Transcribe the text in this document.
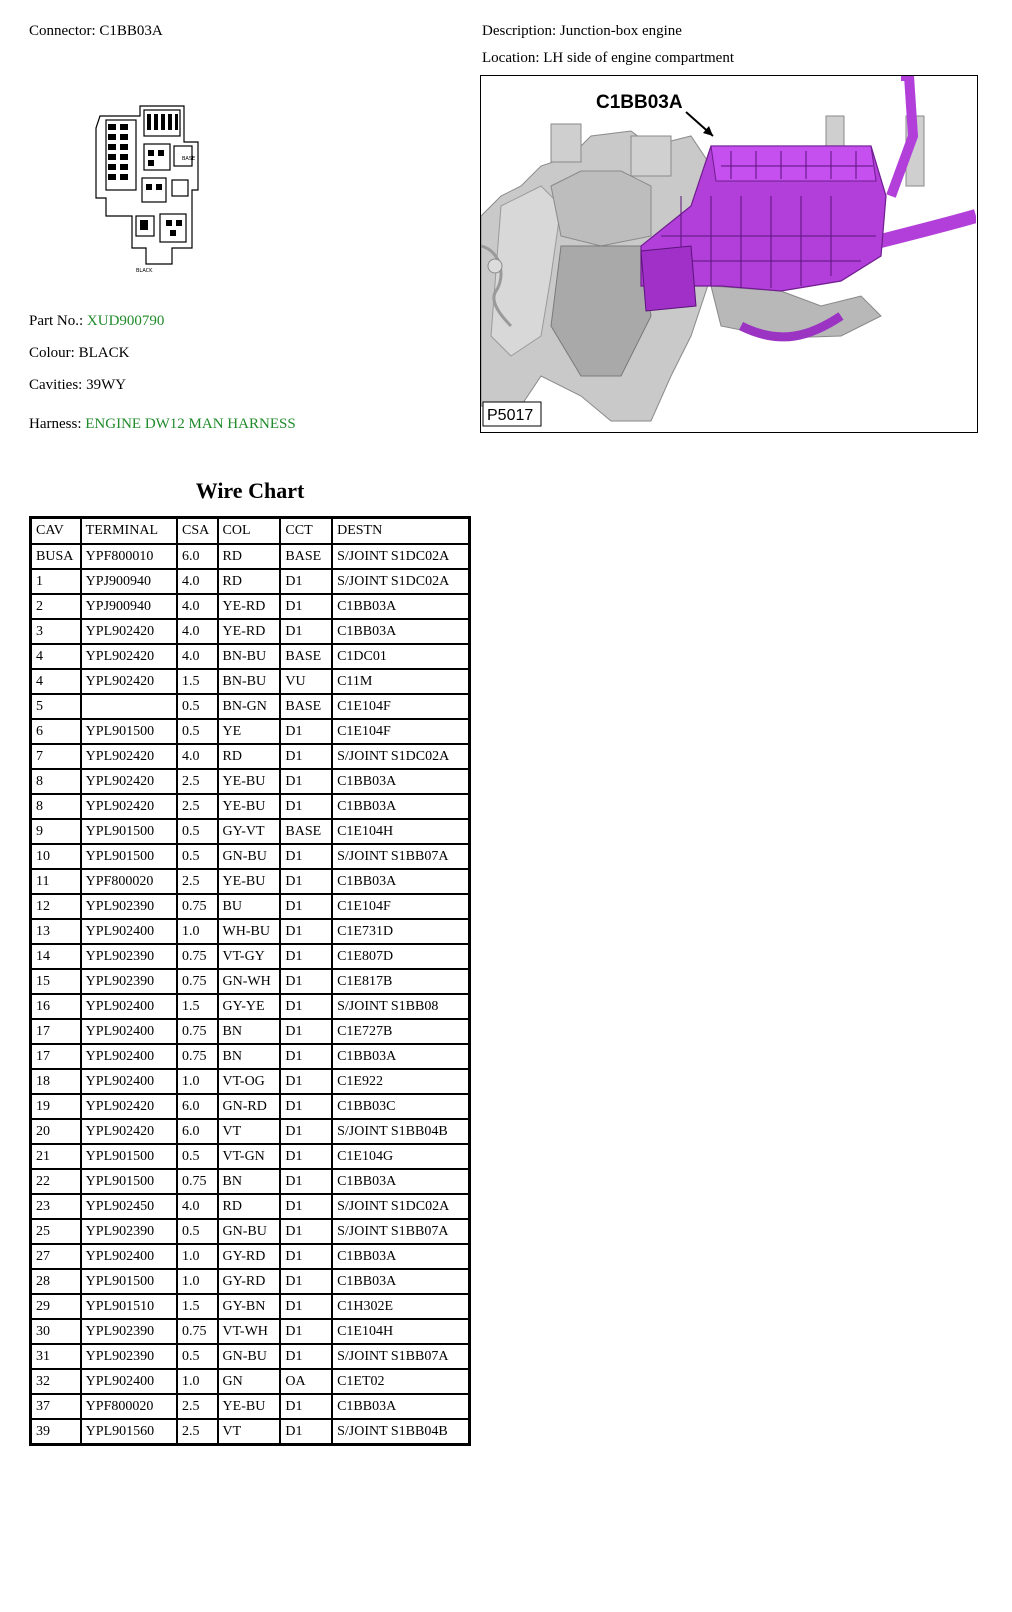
Connector: C1BB03A	Description: Junction-box engine
Location: LH side of engine compartment
BASE
BLACK
Part No.: XUD900790
Colour: BLACK
Cavities: 39WY
Harness: ENGINE DW12 MAN HARNESS
C1BB03A
P5017
Wire Chart
CAV	TERMINAL	CSA	COL	CCT	DESTN
BUSA	YPF800010	6.0	RD	BASE	S/JOINT S1DC02A
1	YPJ900940	4.0	RD	D1	S/JOINT S1DC02A
2	YPJ900940	4.0	YE-RD	D1	C1BB03A
3	YPL902420	4.0	YE-RD	D1	C1BB03A
4	YPL902420	4.0	BN-BU	BASE	C1DC01
4	YPL902420	1.5	BN-BU	VU	C11M
5		0.5	BN-GN	BASE	C1E104F
6	YPL901500	0.5	YE	D1	C1E104F
7	YPL902420	4.0	RD	D1	S/JOINT S1DC02A
8	YPL902420	2.5	YE-BU	D1	C1BB03A
8	YPL902420	2.5	YE-BU	D1	C1BB03A
9	YPL901500	0.5	GY-VT	BASE	C1E104H
10	YPL901500	0.5	GN-BU	D1	S/JOINT S1BB07A
11	YPF800020	2.5	YE-BU	D1	C1BB03A
12	YPL902390	0.75	BU	D1	C1E104F
13	YPL902400	1.0	WH-BU	D1	C1E731D
14	YPL902390	0.75	VT-GY	D1	C1E807D
15	YPL902390	0.75	GN-WH	D1	C1E817B
16	YPL902400	1.5	GY-YE	D1	S/JOINT S1BB08
17	YPL902400	0.75	BN	D1	C1E727B
17	YPL902400	0.75	BN	D1	C1BB03A
18	YPL902400	1.0	VT-OG	D1	C1E922
19	YPL902420	6.0	GN-RD	D1	C1BB03C
20	YPL902420	6.0	VT	D1	S/JOINT S1BB04B
21	YPL901500	0.5	VT-GN	D1	C1E104G
22	YPL901500	0.75	BN	D1	C1BB03A
23	YPL902450	4.0	RD	D1	S/JOINT S1DC02A
25	YPL902390	0.5	GN-BU	D1	S/JOINT S1BB07A
27	YPL902400	1.0	GY-RD	D1	C1BB03A
28	YPL901500	1.0	GY-RD	D1	C1BB03A
29	YPL901510	1.5	GY-BN	D1	C1H302E
30	YPL902390	0.75	VT-WH	D1	C1E104H
31	YPL902390	0.5	GN-BU	D1	S/JOINT S1BB07A
32	YPL902400	1.0	GN	OA	C1ET02
37	YPF800020	2.5	YE-BU	D1	C1BB03A
39	YPL901560	2.5	VT	D1	S/JOINT S1BB04B
